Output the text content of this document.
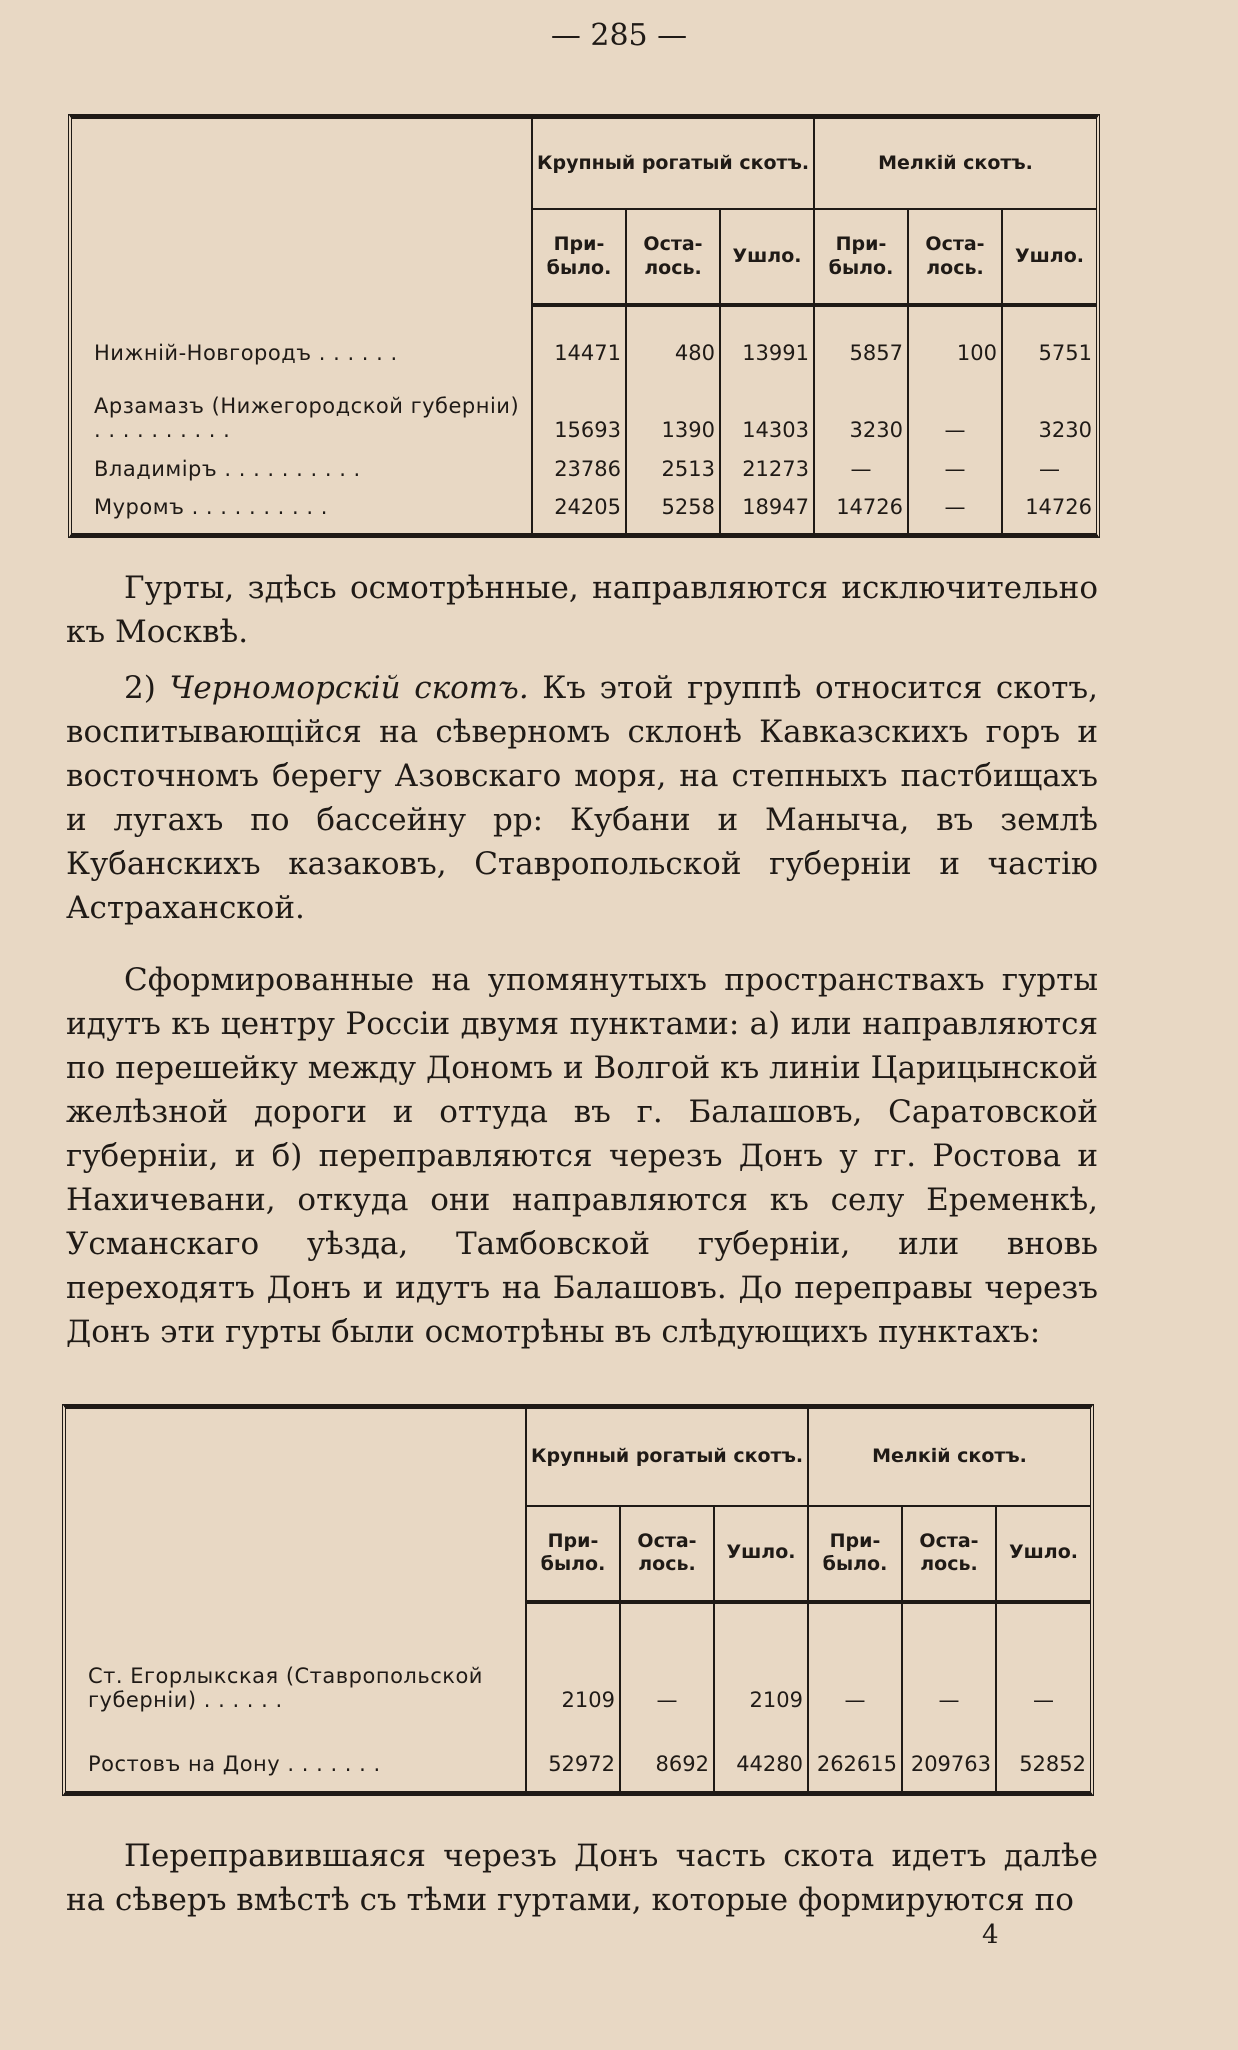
— 285 —
	Крупный рогатый скотъ.			Мелкій скотъ.		
	При-было.	Оста-лось.	Ушло.	При-было.	Оста-лось.	Ушло.

Нижній-Новгородъ . . . . . .	14471	480	13991	5857	100	5751
Арзамазъ (Нижегородской губерніи) . . . . . . . . . .	15693	1390	14303	3230	—	3230
Владиміръ . . . . . . . . . .	23786	2513	21273	—	—	—
Муромъ . . . . . . . . . .	24205	5258	18947	14726	—	14726

Гурты, здѣсь осмотрѣнные, направляются исключительно къ Москвѣ.
2) Черноморскій скотъ. Къ этой группѣ относится скотъ, воспитывающійся на сѣверномъ склонѣ Кавказскихъ горъ и восточномъ берегу Азовскаго моря, на степныхъ пастбищахъ и лугахъ по бассейну рр: Кубани и Манычa, въ землѣ Кубанскихъ казаковъ, Ставропольской губерніи и частію Астраханской.
Сформированные на упомянутыхъ пространствахъ гурты идутъ къ центру Россіи двумя пунктами: а) или направляются по перешейку между Дономъ и Волгой къ линіи Царицынской желѣзной дороги и оттуда въ г. Балашовъ, Саратовской губерніи, и б) переправляются черезъ Донъ у гг. Ростова и Нахичевани, откуда они направляются къ селу Еременкѣ, Усманскаго уѣзда, Тамбовской губерніи, или вновь переходятъ Донъ и идутъ на Балашовъ. До переправы черезъ Донъ эти гурты были осмотрѣны въ слѣдующихъ пунктахъ:
	Крупный рогатый скотъ.			Мелкій скотъ.		
	При-было.	Оста-лось.	Ушло.	При-было.	Оста-лось.	Ушло.

Ст. Егорлыкская (Ставропольской губерніи) . . . . . .	2109	—	2109	—	—	—
Ростовъ на Дону . . . . . . .	52972	8692	44280	262615	209763	52852

Переправившаяся черезъ Донъ часть скота идетъ далѣе на сѣверъ вмѣстѣ съ тѣми гуртами, которые формируются по
4
